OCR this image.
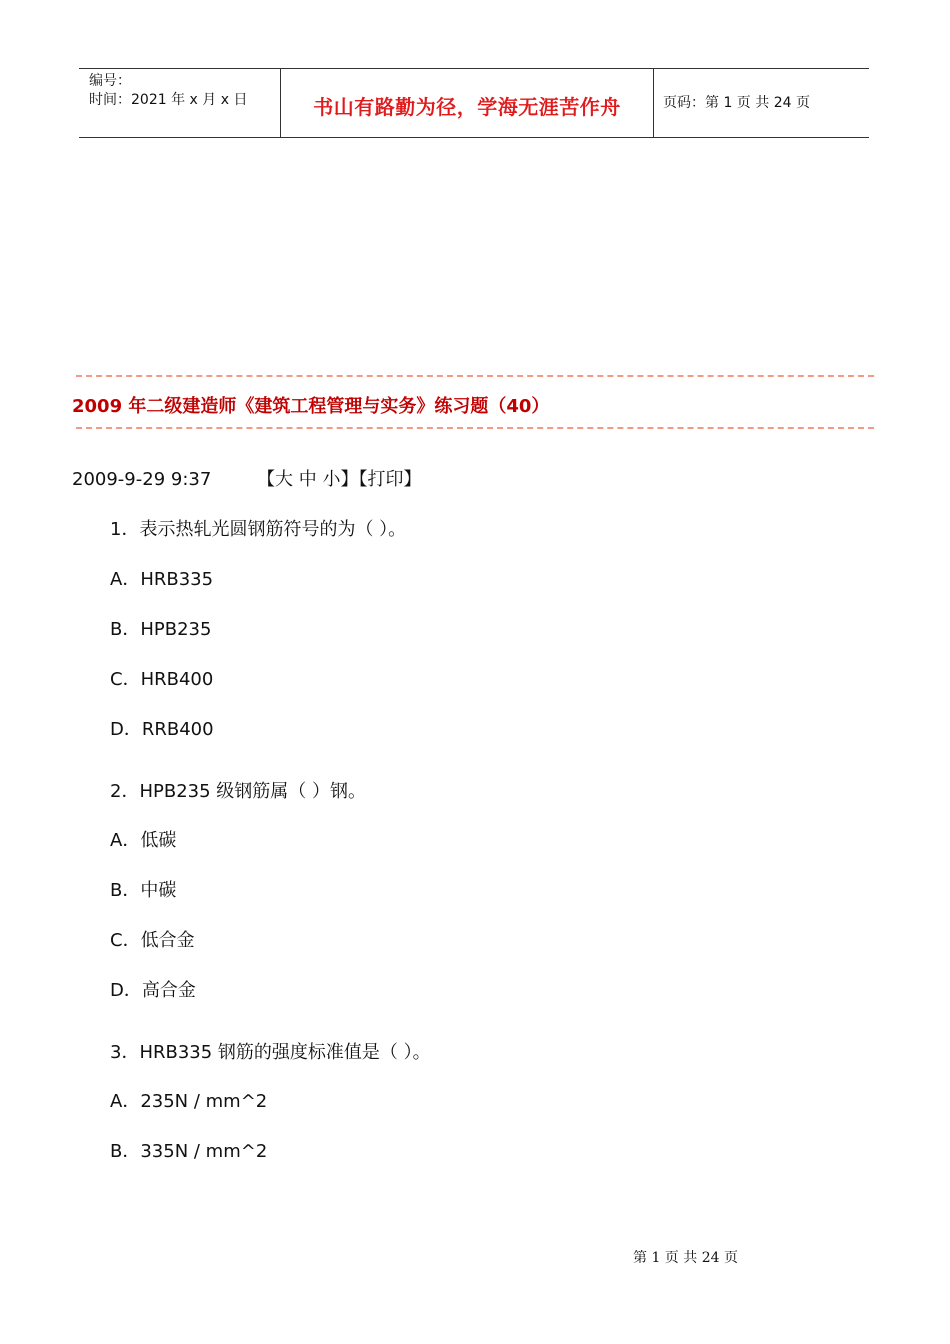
编号：
时间：2021 年 x 月 x 日	书山有路勤为径，学海无涯苦作舟	页码：第 1 页 共 24 页
2009 年二级建造师《建筑工程管理与实务》练习题（40）
2009-9-29 9:37	【大 中 小】【打印】
1．表示热轧光圆钢筋符号的为（ ）。
A．HRB335
B．HPB235
C．HRB400
D．RRB400
2．HPB235 级钢筋属（ ）钢。
A．低碳
B．中碳
C．低合金
D．高合金
3．HRB335 钢筋的强度标准值是（ ）。
A．235N / mm^2
B．335N / mm^2
第 1 页 共 24 页
